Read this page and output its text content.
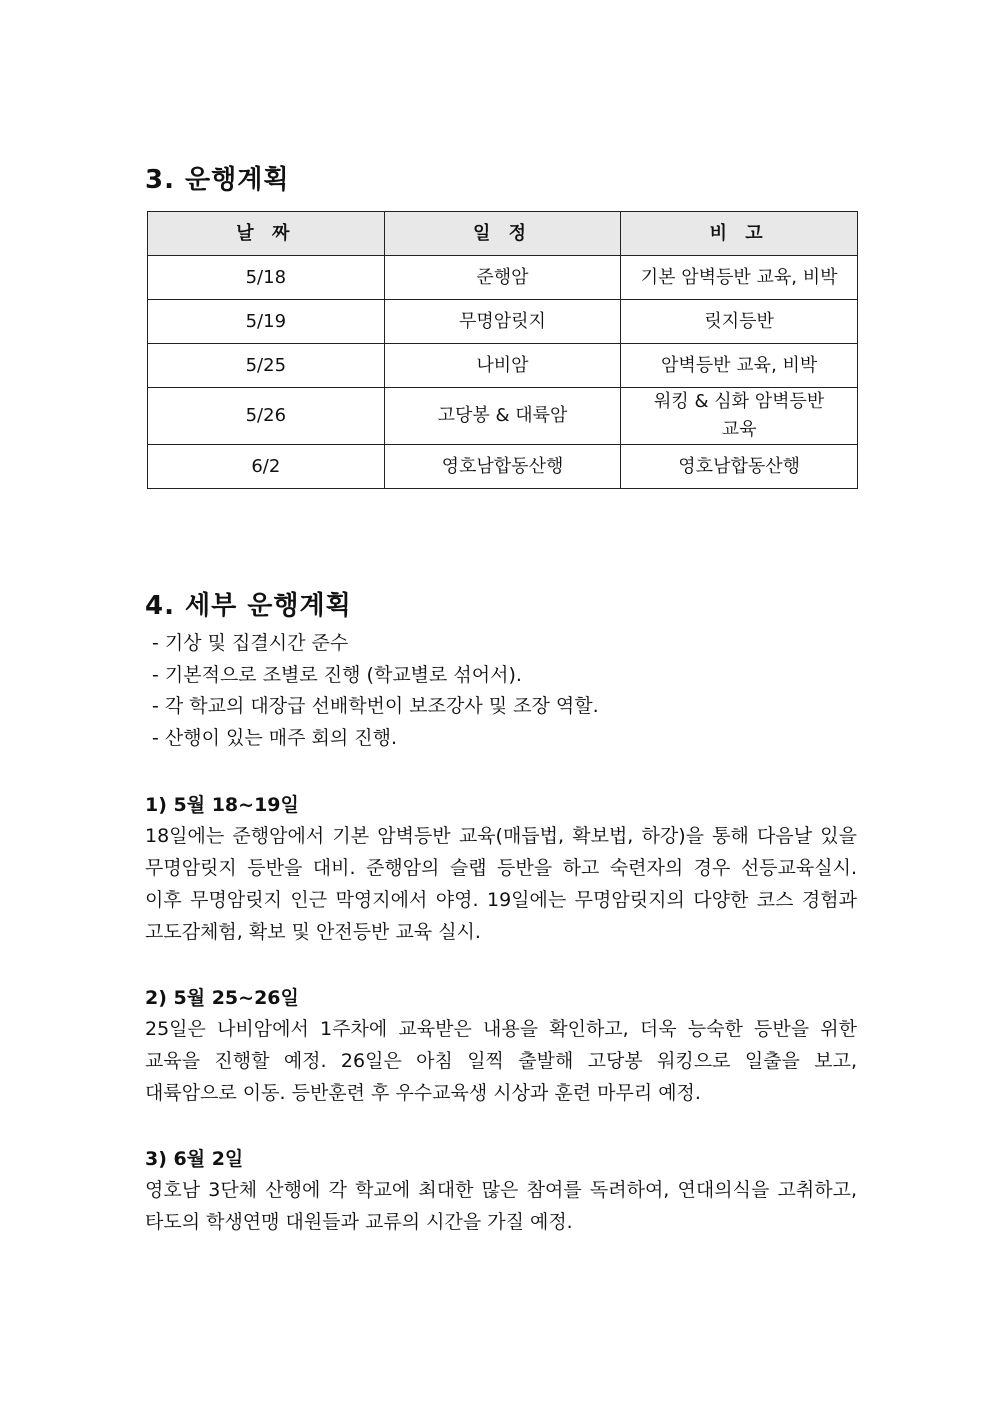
3. 운행계획
날 짜	일 정	비 고
5/18	준행암	기본 암벽등반 교육, 비박
5/19	무명암릿지	릿지등반
5/25	나비암	암벽등반 교육, 비박
5/26	고당봉 & 대륙암	워킹 & 심화 암벽등반 교육
6/2	영호남합동산행	영호남합동산행
4. 세부 운행계획
- 기상 및 집결시간 준수
- 기본적으로 조별로 진행 (학교별로 섞어서).
- 각 학교의 대장급 선배학번이 보조강사 및 조장 역할.
- 산행이 있는 매주 회의 진행.
1) 5월 18~19일

18일에는 준행암에서 기본 암벽등반 교육(매듭법, 확보법, 하강)을 통해 다음날 있을 무명암릿지 등반을 대비. 준행암의 슬랩 등반을 하고 숙련자의 경우 선등교육실시. 이후 무명암릿지 인근 막영지에서 야영. 19일에는 무명암릿지의 다양한 코스 경험과 고도감체험, 확보 및 안전등반 교육 실시.

2) 5월 25~26일

25일은 나비암에서 1주차에 교육받은 내용을 확인하고, 더욱 능숙한 등반을 위한 교육을 진행할 예정. 26일은 아침 일찍 출발해 고당봉 워킹으로 일출을 보고, 대륙암으로 이동. 등반훈련 후 우수교육생 시상과 훈련 마무리 예정.

3) 6월 2일

영호남 3단체 산행에 각 학교에 최대한 많은 참여를 독려하여, 연대의식을 고취하고, 타도의 학생연맹 대원들과 교류의 시간을 가질 예정.
